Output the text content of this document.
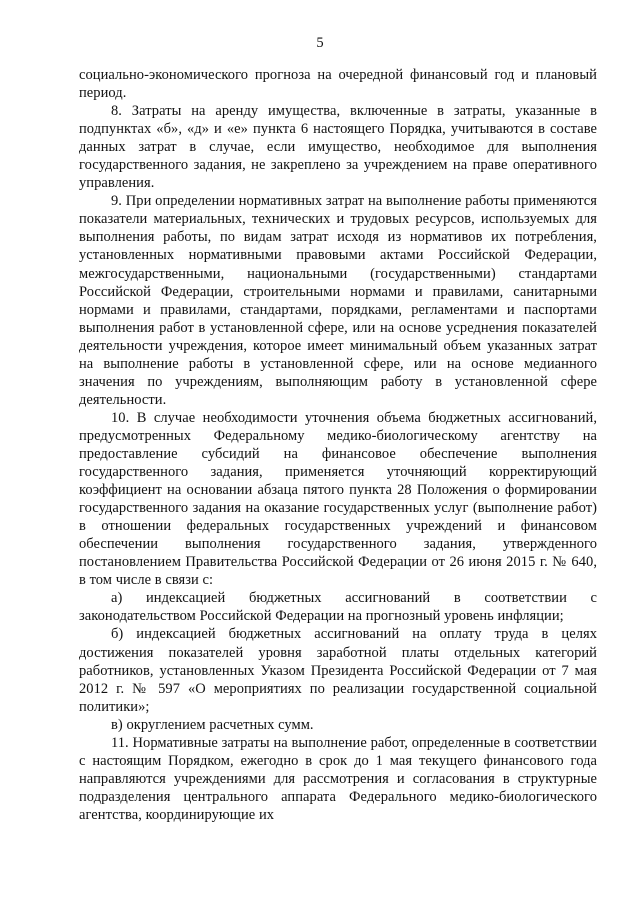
5

социально-экономического прогноза на очередной финансовый год и плановый период.

8. Затраты на аренду имущества, включенные в затраты, указанные в подпунктах «б», «д» и «е» пункта 6 настоящего Порядка, учитываются в составе данных затрат в случае, если имущество, необходимое для выполнения государственного задания, не закреплено за учреждением на праве оперативного управления.

9. При определении нормативных затрат на выполнение работы применяются показатели материальных, технических и трудовых ресурсов, используемых для выполнения работы, по видам затрат исходя из нормативов их потребления, установленных нормативными правовыми актами Российской Федерации, межгосударственными, национальными (государственными) стандартами Российской Федерации, строительными нормами и правилами, санитарными нормами и правилами, стандартами, порядками, регламентами и паспортами выполнения работ в установленной сфере, или на основе усреднения показателей деятельности учреждения, которое имеет минимальный объем указанных затрат на выполнение работы в установленной сфере, или на основе медианного значения по учреждениям, выполняющим работу в установленной сфере деятельности.

10. В случае необходимости уточнения объема бюджетных ассигнований, предусмотренных Федеральному медико-биологическому агентству на предоставление субсидий на финансовое обеспечение выполнения государственного задания, применяется уточняющий корректирующий коэффициент на основании абзаца пятого пункта 28 Положения о формировании государственного задания на оказание государственных услуг (выполнение работ) в отношении федеральных государственных учреждений и финансовом обеспечении выполнения государственного задания, утвержденного постановлением Правительства Российской Федерации от 26 июня 2015 г. № 640, в том числе в связи с:

а) индексацией бюджетных ассигнований в соответствии с законодательством Российской Федерации на прогнозный уровень инфляции;

б) индексацией бюджетных ассигнований на оплату труда в целях достижения показателей уровня заработной платы отдельных категорий работников, установленных Указом Президента Российской Федерации от 7 мая 2012 г. № 597 «О мероприятиях по реализации государственной социальной политики»;

в) округлением расчетных сумм.

11. Нормативные затраты на выполнение работ, определенные в соответствии с настоящим Порядком, ежегодно в срок до 1 мая текущего финансового года направляются учреждениями для рассмотрения и согласования в структурные подразделения центрального аппарата Федерального медико-биологического агентства, координирующие их
